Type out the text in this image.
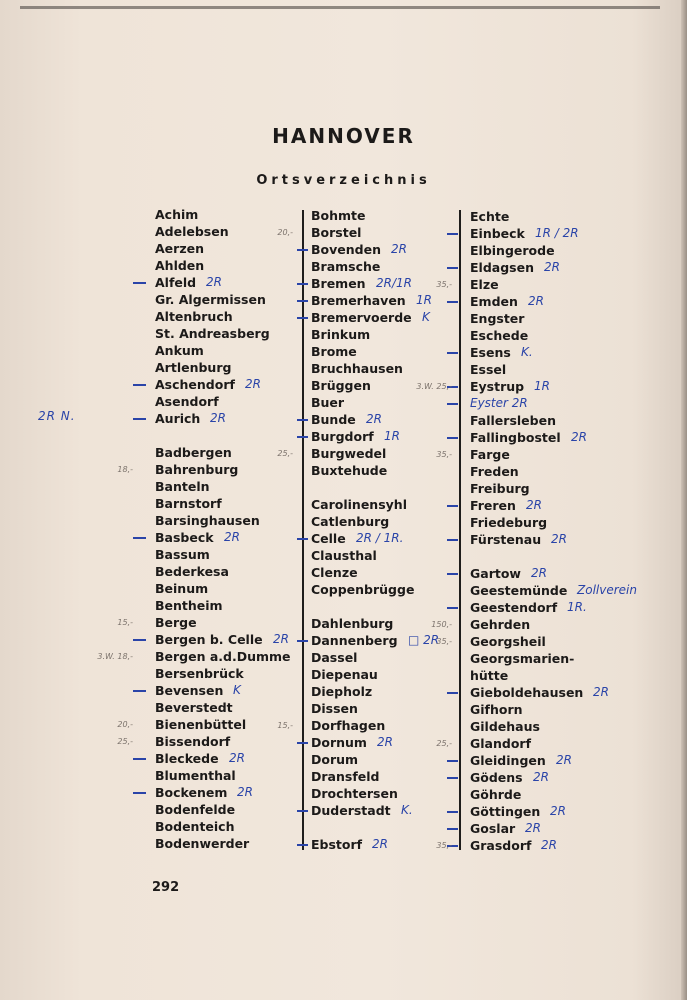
HANNOVER
Ortsverzeichnis
2R N.
Achim
Adelebsen
Aerzen
Ahlden
Alfeld 2R
Gr. Algermissen
Altenbruch
St. Andreasberg
Ankum
Artlenburg
Aschendorf 2R
Asendorf
Aurich 2R
Badbergen
Bahrenburg
18,-
Banteln
Barnstorf
Barsinghausen
Basbeck 2R
Bassum
Bederkesa
Beinum
Bentheim
Berge
15,-
Bergen b. Celle 2R
Bergen a.d.Dumme
3.W. 18,-
Bersenbrück
Bevensen K
Beverstedt
Bienenbüttel
20,-
Bissendorf
25,-
Bleckede 2R
Blumenthal
Bockenem 2R
Bodenfelde
Bodenteich
Bodenwerder
Bohmte
Borstel
20,-
Bovenden 2R
Bramsche
Bremen 2R/1R
Bremerhaven 1R
Bremervoerde K
Brinkum
Brome
Bruchhausen
Brüggen
Buer
Bunde 2R
Burgdorf 1R
Burgwedel
25,-
Buxtehude
Carolinensyhl
Catlenburg
Celle 2R / 1R.
Clausthal
Clenze
Coppenbrügge
Dahlenburg
Dannenberg □ 2R
Dassel
Diepenau
Diepholz
Dissen
Dorfhagen
15,-
Dornum 2R
Dorum
Dransfeld
Drochtersen
Duderstadt K.
Ebstorf 2R
Echte
Einbeck 1R / 2R
Elbingerode
Eldagsen 2R
Elze
35,-
Emden 2R
Engster
Eschede
Esens K.
Essel
Eystrup
3.W. 25,-	1R
Eyster 2R
Fallersleben
Fallingbostel 2R
Farge
35,-
Freden
Freiburg
Freren 2R
Friedeburg
Fürstenau 2R
Gartow 2R
Geestemünde Zollverein
Geestendorf 1R.
Gehrden
150,-
Georgsheil
35,-
Georgsmarien-
hütte
Gieboldehausen 2R
Gifhorn
Gildehaus
Glandorf
25,-
Gleidingen 2R
Gödens 2R
Göhrde
Göttingen 2R
Goslar 2R
Grasdorf
35,-	2R
292
